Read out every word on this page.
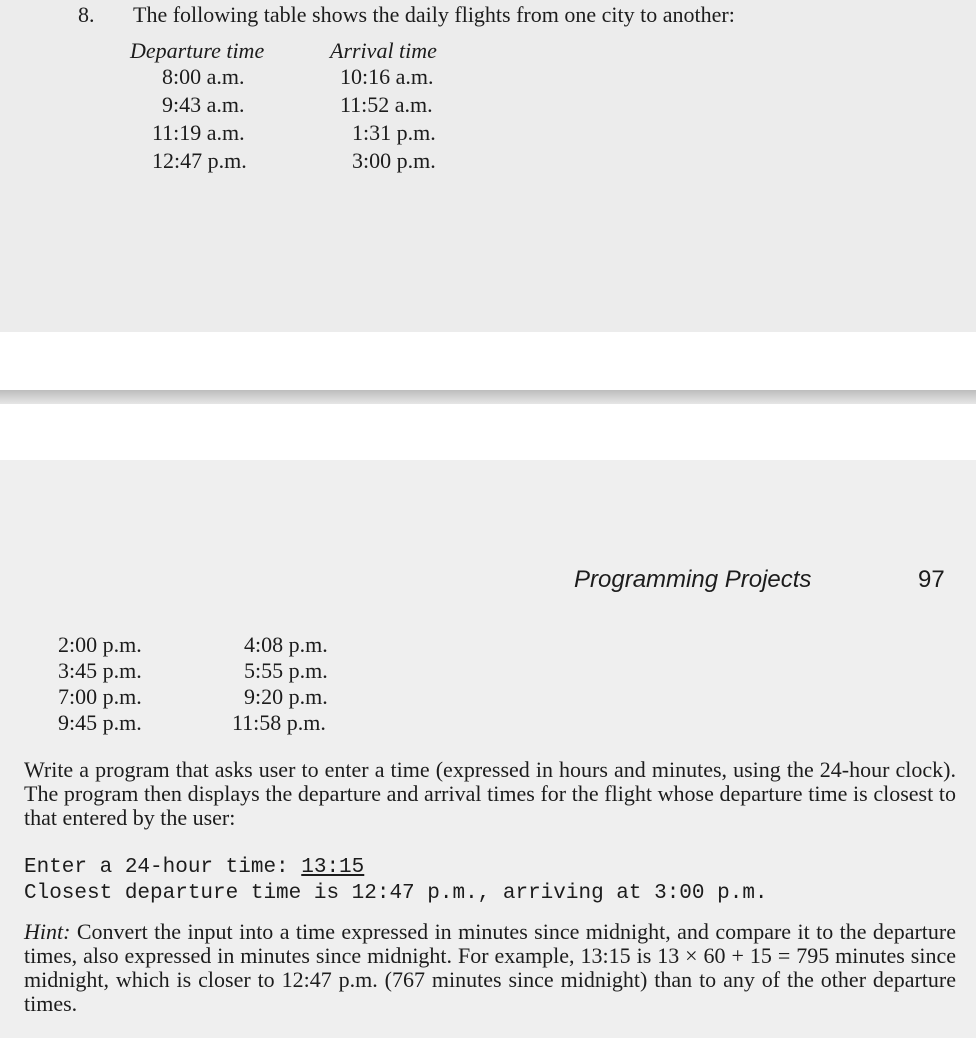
8. The following table shows the daily flights from one city to another:
Departure time	Arrival time
8:00 a.m.	10:16 a.m.
9:43 a.m.	11:52 a.m.
11:19 a.m.	1:31 p.m.
12:47 p.m.	3:00 p.m.
Programming Projects	97
2:00 p.m.	4:08 p.m.
3:45 p.m.	5:55 p.m.
7:00 p.m.	9:20 p.m.
9:45 p.m.	11:58 p.m.
Write a program that asks user to enter a time (expressed in hours and minutes, using the 24-hour clock). The program then displays the departure and arrival times for the flight whose departure time is closest to that entered by the user:
Enter a 24-hour time: 13:15
Closest departure time is 12:47 p.m., arriving at 3:00 p.m.
Hint: Convert the input into a time expressed in minutes since midnight, and compare it to the departure times, also expressed in minutes since midnight. For example, 13:15 is 13 × 60 + 15 = 795 minutes since midnight, which is closer to 12:47 p.m. (767 minutes since midnight) than to any of the other departure times.
